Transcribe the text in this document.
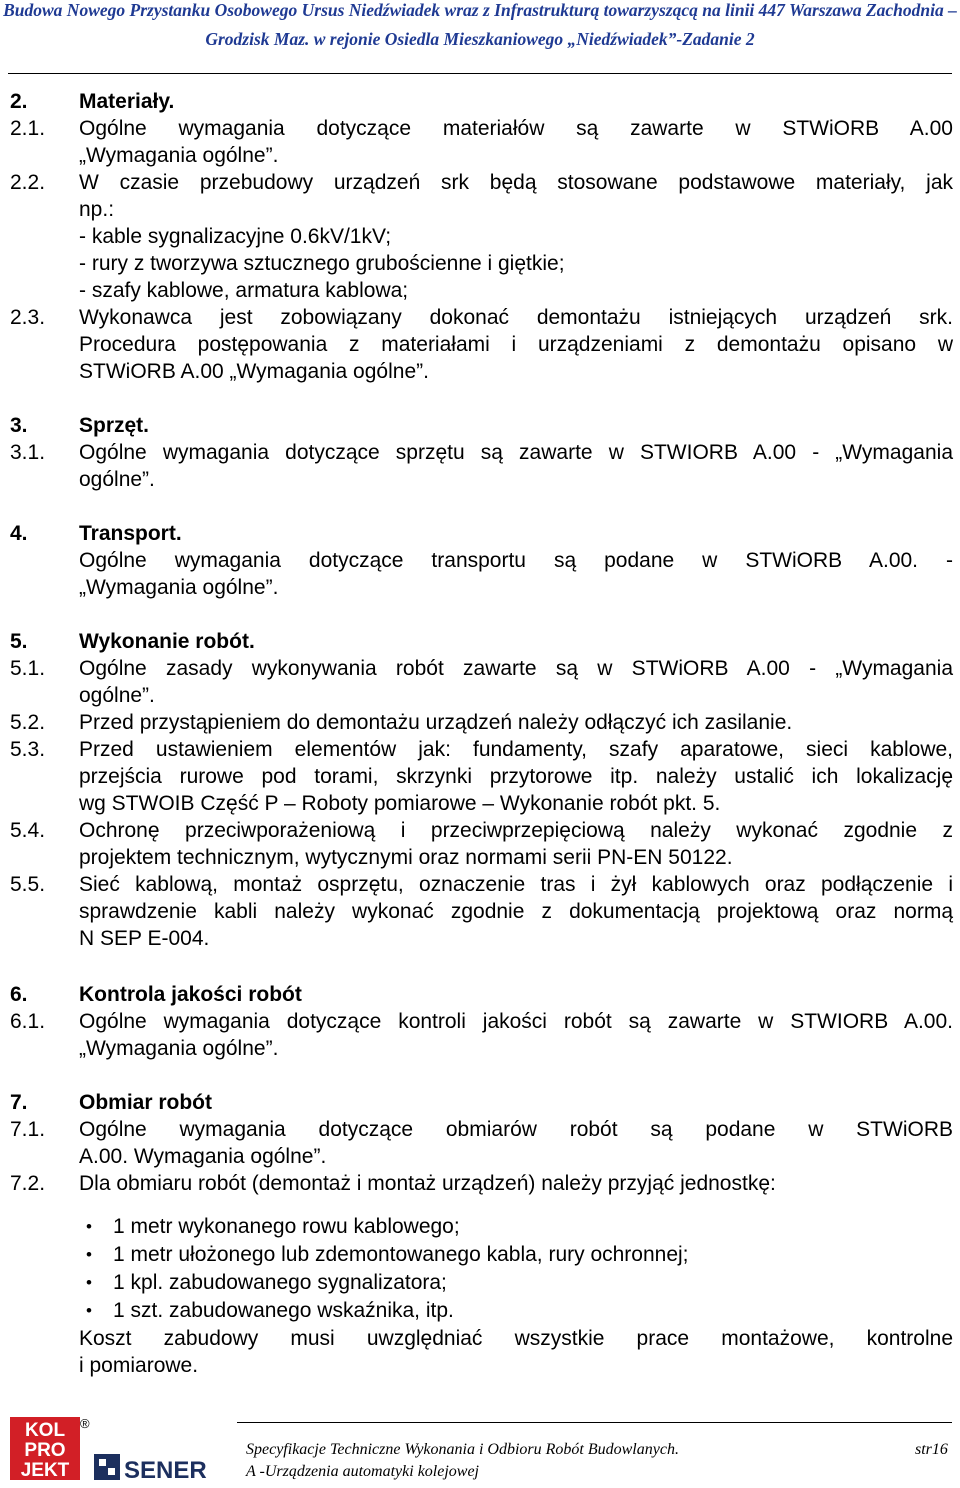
Budowa Nowego Przystanku Osobowego Ursus Niedźwiadek wraz z Infrastrukturą towarzyszącą na linii 447 Warszawa Zachodnia –
Grodzisk Maz. w rejonie Osiedla Mieszkaniowego „Niedźwiadek”-Zadanie 2
2. Materiały.
2.1. Ogólne wymagania dotyczące materiałów są zawarte w STWiORB A.00
„Wymagania ogólne”.
2.2. W czasie przebudowy urządzeń srk będą stosowane podstawowe materiały, jak
np.:
- kable sygnalizacyjne 0.6kV/1kV;
- rury z tworzywa sztucznego grubościenne i giętkie;
- szafy kablowe, armatura kablowa;
2.3. Wykonawca jest zobowiązany dokonać demontażu istniejących urządzeń srk.
Procedura postępowania z materiałami i urządzeniami z demontażu opisano w
STWiORB A.00 „Wymagania ogólne”.
3. Sprzęt.
3.1. Ogólne wymagania dotyczące sprzętu są zawarte w STWIORB A.00 - „Wymagania
ogólne”.
4. Transport.
Ogólne wymagania dotyczące transportu są podane w STWiORB A.00. -
„Wymagania ogólne”.
5. Wykonanie robót.
5.1. Ogólne zasady wykonywania robót zawarte są w STWiORB A.00 - „Wymagania
ogólne”.
5.2. Przed przystąpieniem do demontażu urządzeń należy odłączyć ich zasilanie.
5.3. Przed ustawieniem elementów jak: fundamenty, szafy aparatowe, sieci kablowe,
przejścia rurowe pod torami, skrzynki przytorowe itp. należy ustalić ich lokalizację
wg STWOIB Część P – Roboty pomiarowe – Wykonanie robót pkt. 5.
5.4. Ochronę przeciwporażeniową i przeciwprzepięciową należy wykonać zgodnie z
projektem technicznym, wytycznymi oraz normami serii PN-EN 50122.
5.5. Sieć kablową, montaż osprzętu, oznaczenie tras i żył kablowych oraz podłączenie i
sprawdzenie kabli należy wykonać zgodnie z dokumentacją projektową oraz normą
N SEP E-004.
6. Kontrola jakości robót
6.1. Ogólne wymagania dotyczące kontroli jakości robót są zawarte w STWIORB A.00.
„Wymagania ogólne”.
7. Obmiar robót
7.1. Ogólne wymagania dotyczące obmiarów robót są podane w STWiORB
A.00. Wymagania ogólne”.
7.2. Dla obmiaru robót (demontaż i montaż urządzeń) należy przyjąć jednostkę:
• 1 metr wykonanego rowu kablowego;
• 1 metr ułożonego lub zdemontowanego kabla, rury ochronnej;
• 1 kpl. zabudowanego sygnalizatora;
• 1 szt. zabudowanego wskaźnika, itp.
Koszt zabudowy musi uwzględniać wszystkie prace montażowe, kontrolne
i pomiarowe.
KOL
PRO
JEKT
®
SENER
Specyfikacje Techniczne Wykonania i Odbioru Robót Budowlanych.
A -Urządzenia automatyki kolejowej
str16
